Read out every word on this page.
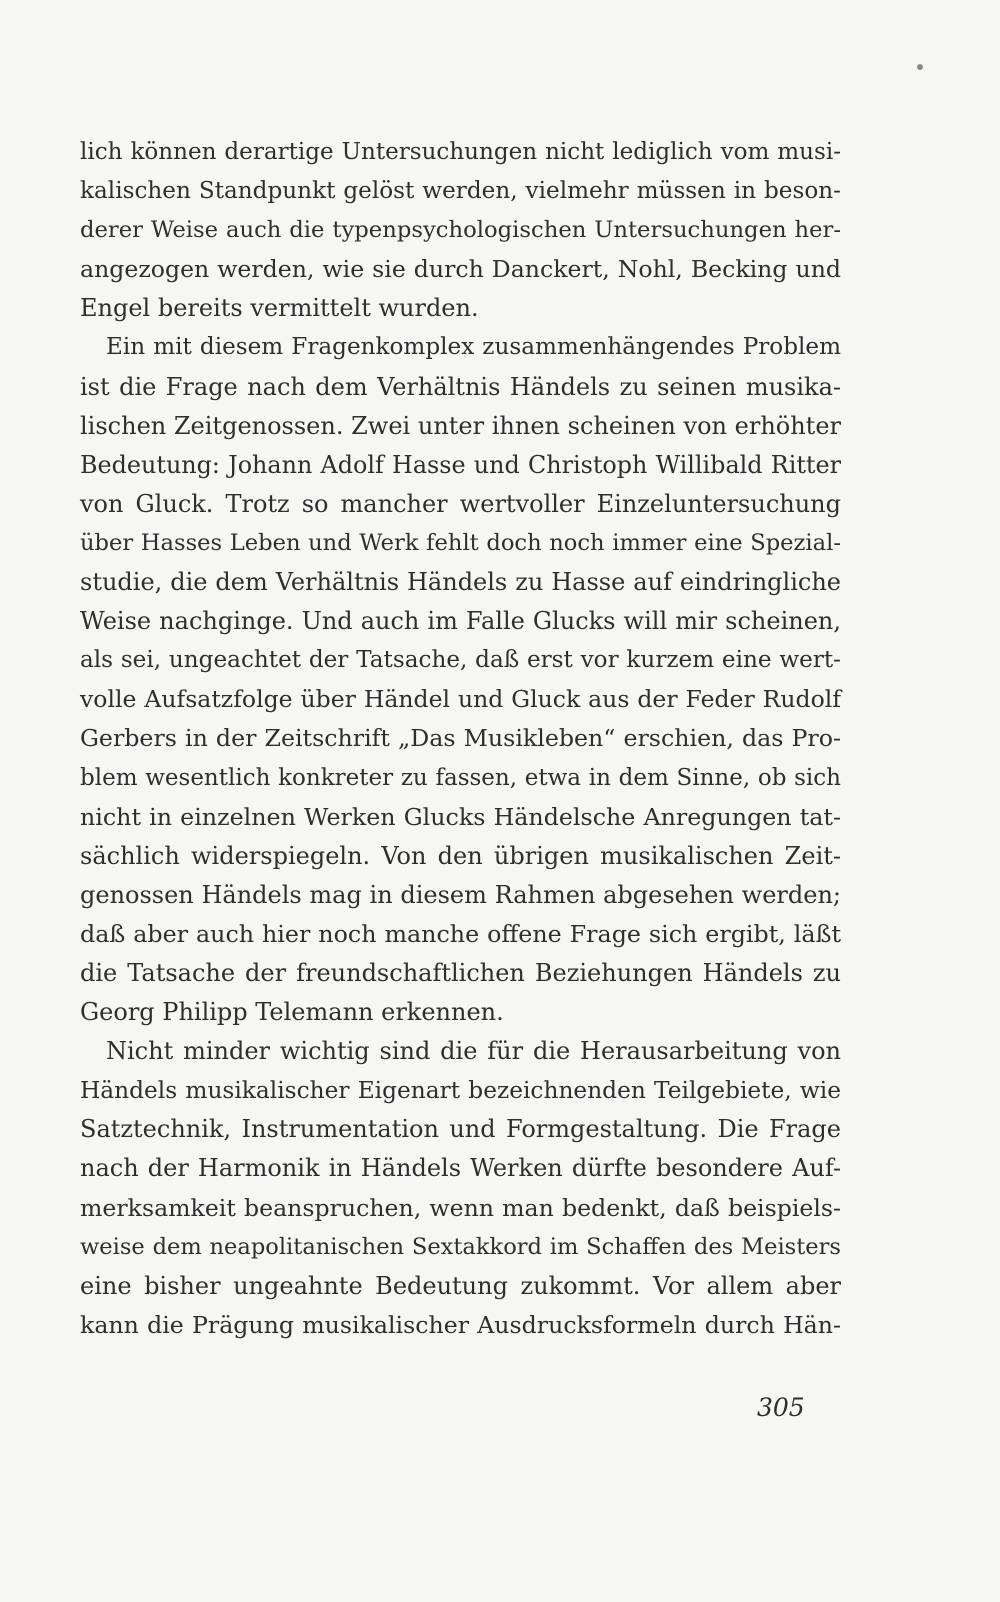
lich können derartige Untersuchungen nicht lediglich vom musi-
kalischen Standpunkt gelöst werden, vielmehr müssen in beson-
derer Weise auch die typenpsychologischen Untersuchungen her-
angezogen werden, wie sie durch Danckert, Nohl, Becking und
Engel bereits vermittelt wurden.
Ein mit diesem Fragenkomplex zusammenhängendes Problem
ist die Frage nach dem Verhältnis Händels zu seinen musika-
lischen Zeitgenossen. Zwei unter ihnen scheinen von erhöhter
Bedeutung: Johann Adolf Hasse und Christoph Willibald Ritter
von Gluck. Trotz so mancher wertvoller Einzeluntersuchung
über Hasses Leben und Werk fehlt doch noch immer eine Spezial-
studie, die dem Verhältnis Händels zu Hasse auf eindringliche
Weise nachginge. Und auch im Falle Glucks will mir scheinen,
als sei, ungeachtet der Tatsache, daß erst vor kurzem eine wert-
volle Aufsatzfolge über Händel und Gluck aus der Feder Rudolf
Gerbers in der Zeitschrift „Das Musikleben“ erschien, das Pro-
blem wesentlich konkreter zu fassen, etwa in dem Sinne, ob sich
nicht in einzelnen Werken Glucks Händelsche Anregungen tat-
sächlich widerspiegeln. Von den übrigen musikalischen Zeit-
genossen Händels mag in diesem Rahmen abgesehen werden;
daß aber auch hier noch manche offene Frage sich ergibt, läßt
die Tatsache der freundschaftlichen Beziehungen Händels zu
Georg Philipp Telemann erkennen.
Nicht minder wichtig sind die für die Herausarbeitung von
Händels musikalischer Eigenart bezeichnenden Teilgebiete, wie
Satztechnik, Instrumentation und Formgestaltung. Die Frage
nach der Harmonik in Händels Werken dürfte besondere Auf-
merksamkeit beanspruchen, wenn man bedenkt, daß beispiels-
weise dem neapolitanischen Sextakkord im Schaffen des Meisters
eine bisher ungeahnte Bedeutung zukommt. Vor allem aber
kann die Prägung musikalischer Ausdrucksformeln durch Hän-
305
